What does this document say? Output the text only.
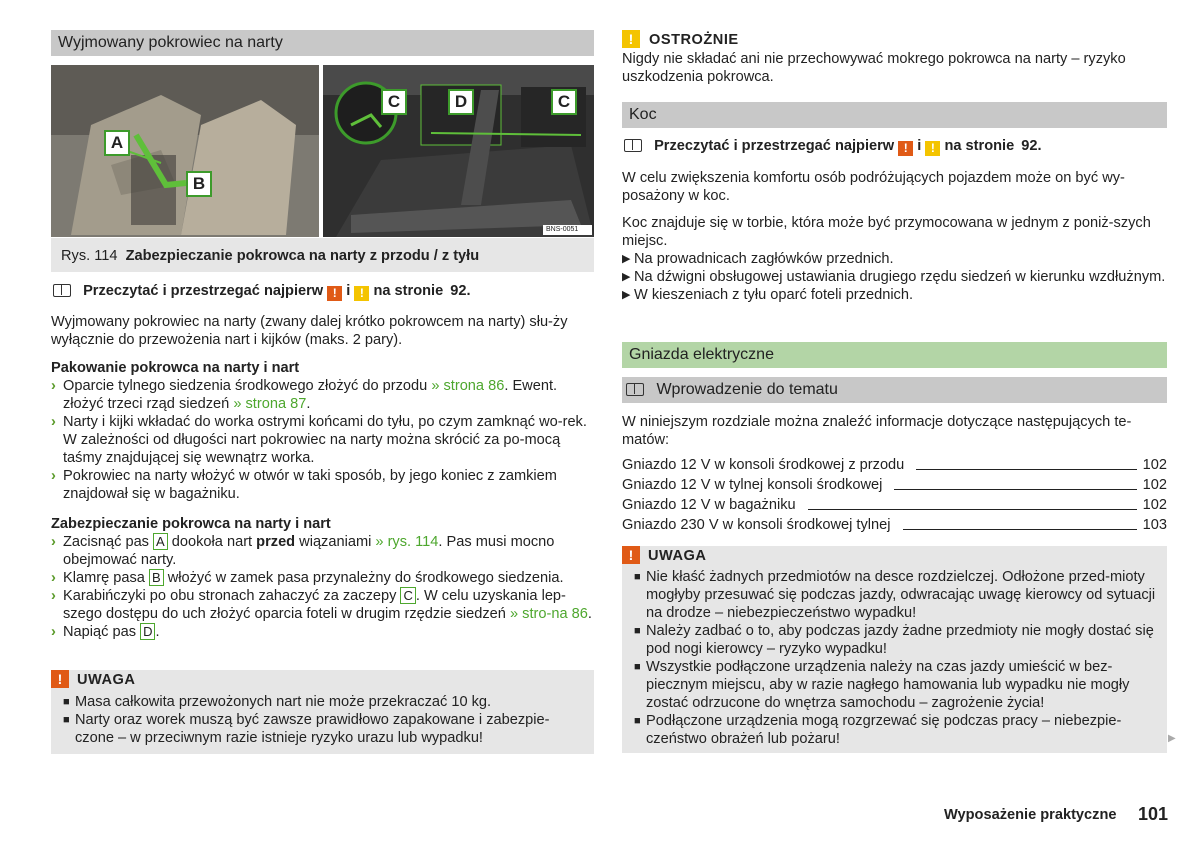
Wyjmowany pokrowiec na narty
A
B
C	D	C
BNS-0051
Rys. 114 Zabezpieczanie pokrowca na narty z przodu / z tyłu
Przeczytać i przestrzegać najpierw ! i ! na stronie 92.

Wyjmowany pokrowiec na narty (zwany dalej krótko pokrowcem na narty) słu-ży wyłącznie do przewożenia nart i kijków (maks. 2 pary).

Pakowanie pokrowca na narty i nart
› Oparcie tylnego siedzenia środkowego złożyć do przodu » strona 86. Ewent. złożyć trzeci rząd siedzeń » strona 87.
› Narty i kijki wkładać do worka ostrymi końcami do tyłu, po czym zamknąć wo-rek. W zależności od długości nart pokrowiec na narty można skrócić za po-mocą taśmy znajdującej się wewnątrz worka.
› Pokrowiec na narty włożyć w otwór w taki sposób, by jego koniec z zamkiem znajdował się w bagażniku.
Zabezpieczanie pokrowca na narty i nart
› Zacisnąć pas A dookoła nart przed wiązaniami » rys. 114. Pas musi mocno obejmować narty.
› Klamrę pasa B włożyć w zamek pasa przynależny do środkowego siedzenia.
› Karabińczyki po obu stronach zahaczyć za zaczepy C . W celu uzyskania lep-szego dostępu do uch złożyć oparcia foteli w drugim rzędzie siedzeń » stro-na 86.
› Napiąć pas D .
!	UWAGA
■ Masa całkowita przewożonych nart nie może przekraczać 10 kg.
■ Narty oraz worek muszą być zawsze prawidłowo zapakowane i zabezpie-czone – w przeciwnym razie istnieje ryzyko urazu lub wypadku!
!	OSTROŻNIE

Nigdy nie składać ani nie przechowywać mokrego pokrowca na narty – ryzyko uszkodzenia pokrowca.

Koc
Przeczytać i przestrzegać najpierw ! i ! na stronie 92.

W celu zwiększenia komfortu osób podróżujących pojazdem może on być wy-posażony w koc.

Koc znajduje się w torbie, która może być przymocowana w jednym z poniż-szych miejsc.

▶ Na prowadnicach zagłówków przednich.
▶ Na dźwigni obsługowej ustawiania drugiego rzędu siedzeń w kierunku wzdłużnym.
▶ W kieszeniach z tyłu oparć foteli przednich.
Gniazda elektryczne
Wprowadzenie do tematu

W niniejszym rozdziale można znaleźć informacje dotyczące następujących te-matów:

Gniazdo 12 V w konsoli środkowej z przodu	102
Gniazdo 12 V w tylnej konsoli środkowej	102
Gniazdo 12 V w bagażniku	102
Gniazdo 230 V w konsoli środkowej tylnej	103
!	UWAGA
■ Nie kłaść żadnych przedmiotów na desce rozdzielczej. Odłożone przed-mioty mogłyby przesuwać się podczas jazdy, odwracając uwagę kierowcy od sytuacji na drodze – niebezpieczeństwo wypadku!
■ Należy zadbać o to, aby podczas jazdy żadne przedmioty nie mogły dostać się pod nogi kierowcy – ryzyko wypadku!
■ Wszystkie podłączone urządzenia należy na czas jazdy umieścić w bez-piecznym miejscu, aby w razie nagłego hamowania lub wypadku nie mogły zostać odrzucone do wnętrza samochodu – zagrożenie życia!
■ Podłączone urządzenia mogą rozgrzewać się podczas pracy – niebezpie-czeństwo obrażeń lub pożaru!	▶
Wyposażenie praktyczne 101
